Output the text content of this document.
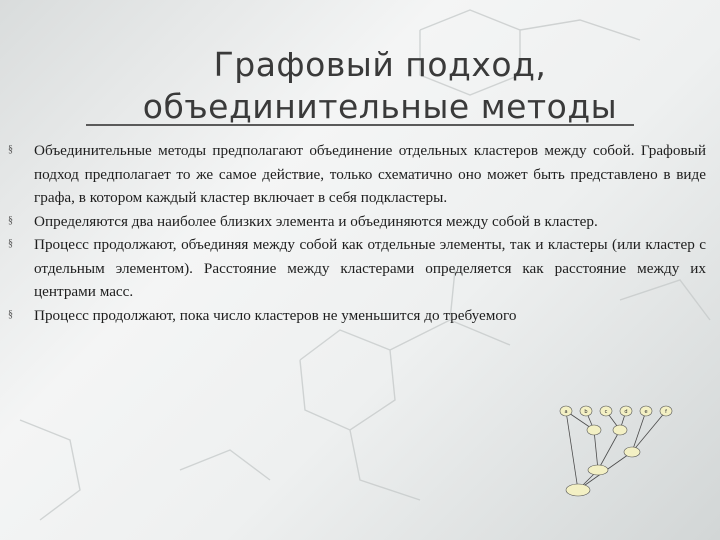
Графовый подход,
объединительные методы
§ Объединительные методы предполагают объединение отдельных кластеров между собой. Графовый подход предполагает то же самое действие, только схематично оно может быть представлено в виде графа, в котором каждый кластер включает в себя подкластеры.
§ Определяются два наиболее близких элемента и объединяются между собой в кластер.
§ Процесс продолжают, объединяя между собой как отдельные элементы, так и кластеры (или кластер с отдельным элементом). Расстояние между кластерами определяется как расстояние между их центрами масс.
§ Процесс продолжают, пока число кластеров не уменьшится до требуемого
a	b	c	d	e	f
